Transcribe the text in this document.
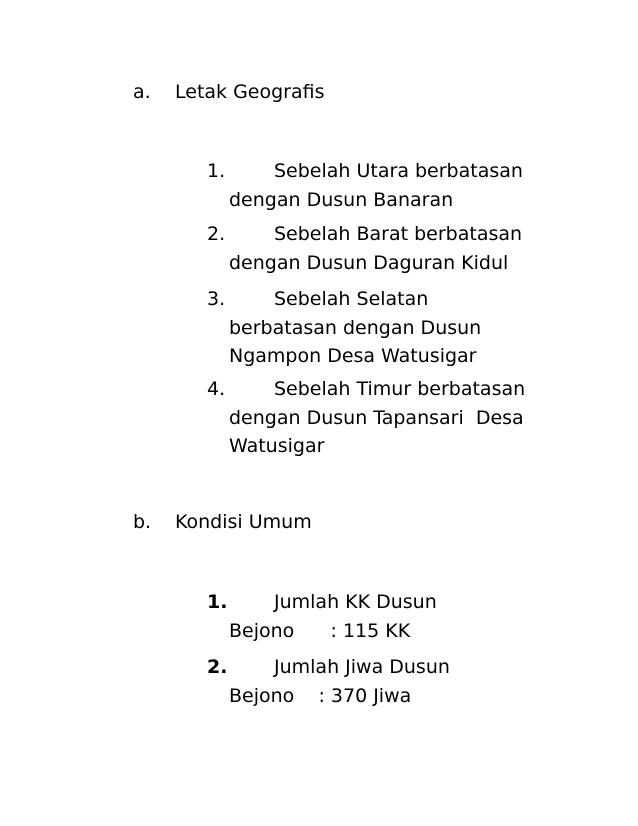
a. Letak Geografis
1.	Sebelah Utara berbatasan dengan Dusun Banaran
2.	Sebelah Barat berbatasan dengan Dusun Daguran Kidul
3.	Sebelah Selatan berbatasan dengan Dusun Ngampon Desa Watusigar
4.	Sebelah Timur berbatasan dengan Dusun Tapansari  Desa Watusigar
b. Kondisi Umum
1.	Jumlah KK Dusun Bejono      : 115 KK
2.	Jumlah Jiwa Dusun Bejono    : 370 Jiwa
